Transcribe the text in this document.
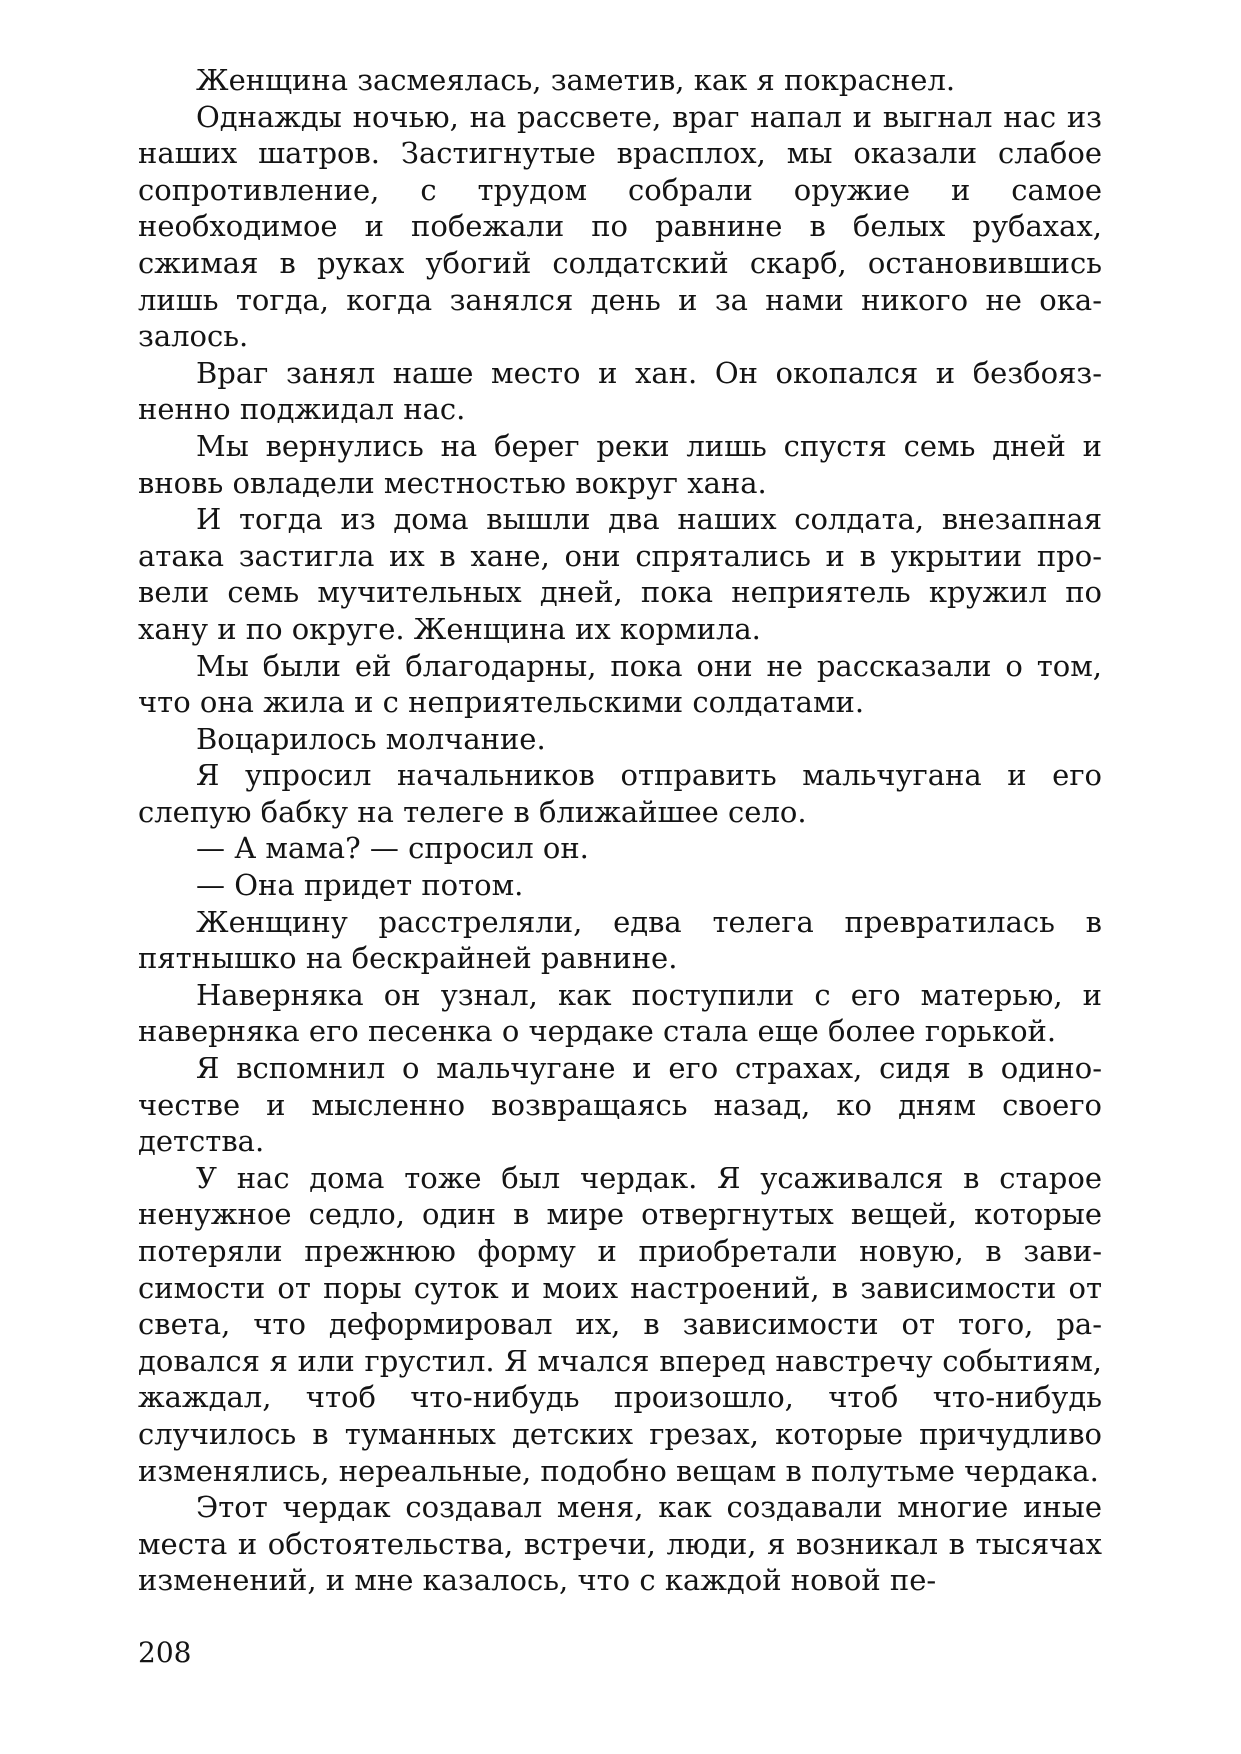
Женщина засмеялась, заметив, как я покраснел.

Однажды ночью, на рассвете, враг напал и выгнал нас из наших шатров. Застигнутые врасплох, мы оказали слабое сопротивление, с трудом собрали оружие и самое необходимое и побежали по равнине в белых рубахах, сжимая в руках убогий солдатский скарб, остановившись лишь тогда, когда занялся день и за нами никого не оказалось.

Враг занял наше место и хан. Он окопался и безбоязненно поджидал нас.

Мы вернулись на берег реки лишь спустя семь дней и вновь овладели местностью вокруг хана.

И тогда из дома вышли два наших солдата, внезапная атака застигла их в хане, они спрятались и в укрытии провели семь мучительных дней, пока неприятель кружил по хану и по округе. Женщина их кормила.

Мы были ей благодарны, пока они не рассказали о том, что она жила и с неприятельскими солдатами.

Воцарилось молчание.

Я упросил начальников отправить мальчугана и его слепую бабку на телеге в ближайшее село.

— А мама? — спросил он.

— Она придет потом.

Женщину расстреляли, едва телега превратилась в пятнышко на бескрайней равнине.

Наверняка он узнал, как поступили с его матерью, и наверняка его песенка о чердаке стала еще более горькой.

Я вспомнил о мальчугане и его страхах, сидя в одиночестве и мысленно возвращаясь назад, ко дням своего детства.

У нас дома тоже был чердак. Я усаживался в старое ненужное седло, один в мире отвергнутых вещей, которые потеряли прежнюю форму и приобретали новую, в зависимости от поры суток и моих настроений, в зависимости от света, что деформировал их, в зависимости от того, радовался я или грустил. Я мчался вперед навстречу событиям, жаждал, чтоб что-нибудь произошло, чтоб что-нибудь случилось в туманных детских грезах, которые причудливо изменялись, нереальные, подобно вещам в полутьме чердака.

Этот чердак создавал меня, как создавали многие иные места и обстоятельства, встречи, люди, я возникал в тысячах изменений, и мне казалось, что с каждой новой пе-

208
